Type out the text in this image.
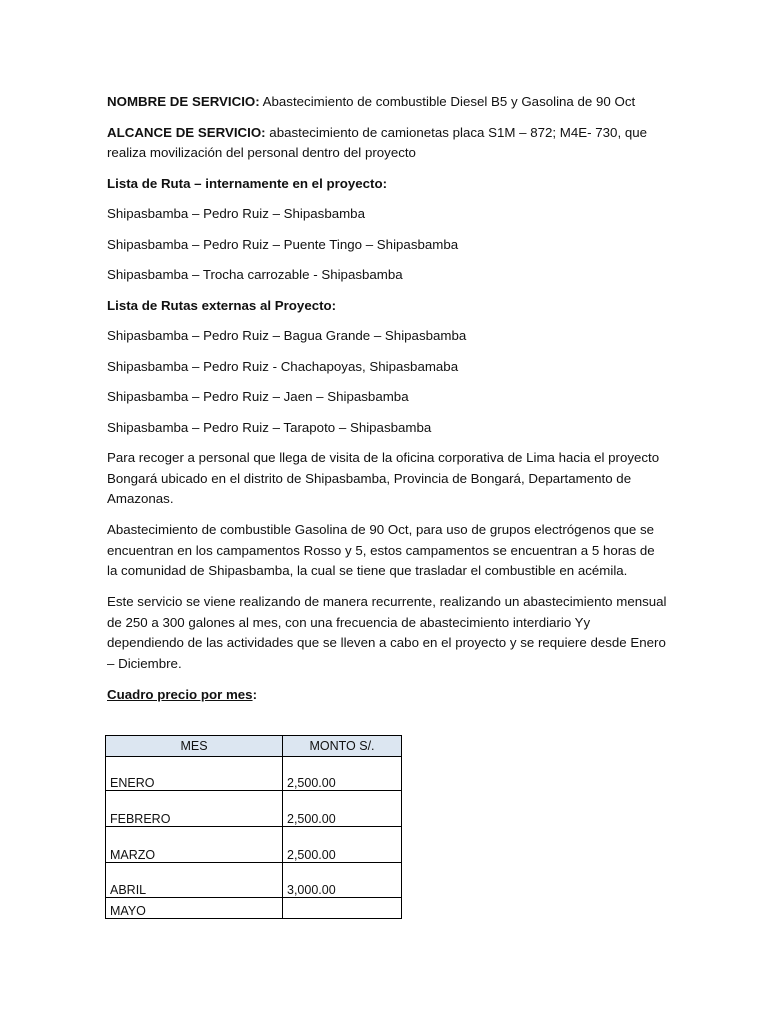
NOMBRE DE SERVICIO: Abastecimiento de combustible Diesel B5 y Gasolina de 90 Oct

ALCANCE DE SERVICIO: abastecimiento de camionetas placa S1M – 872; M4E- 730, que realiza movilización del personal dentro del proyecto

Lista de Ruta – internamente en el proyecto:

Shipasbamba – Pedro Ruiz – Shipasbamba

Shipasbamba – Pedro Ruiz – Puente Tingo – Shipasbamba

Shipasbamba – Trocha carrozable - Shipasbamba

Lista de Rutas externas al Proyecto:

Shipasbamba – Pedro Ruiz – Bagua Grande – Shipasbamba

Shipasbamba – Pedro Ruiz - Chachapoyas, Shipasbamaba

Shipasbamba – Pedro Ruiz – Jaen – Shipasbamba

Shipasbamba – Pedro Ruiz – Tarapoto – Shipasbamba

Para recoger a personal que llega de visita de la oficina corporativa de Lima hacia el proyecto Bongará ubicado en el distrito de Shipasbamba, Provincia de Bongará, Departamento de Amazonas.

Abastecimiento de combustible Gasolina de 90 Oct, para uso de grupos electrógenos que se encuentran en los campamentos Rosso y 5, estos campamentos se encuentran a 5 horas de la comunidad de Shipasbamba, la cual se tiene que trasladar el combustible en acémila.

Este servicio se viene realizando de manera recurrente, realizando un abastecimiento mensual de 250 a 300 galones al mes, con una frecuencia de abastecimiento interdiario Yy dependiendo de las actividades que se lleven a cabo en el proyecto y se requiere desde Enero – Diciembre.

Cuadro precio por mes:

MES	MONTO S/.
ENERO	2,500.00
FEBRERO	2,500.00
MARZO	2,500.00
ABRIL	3,000.00
MAYO	
